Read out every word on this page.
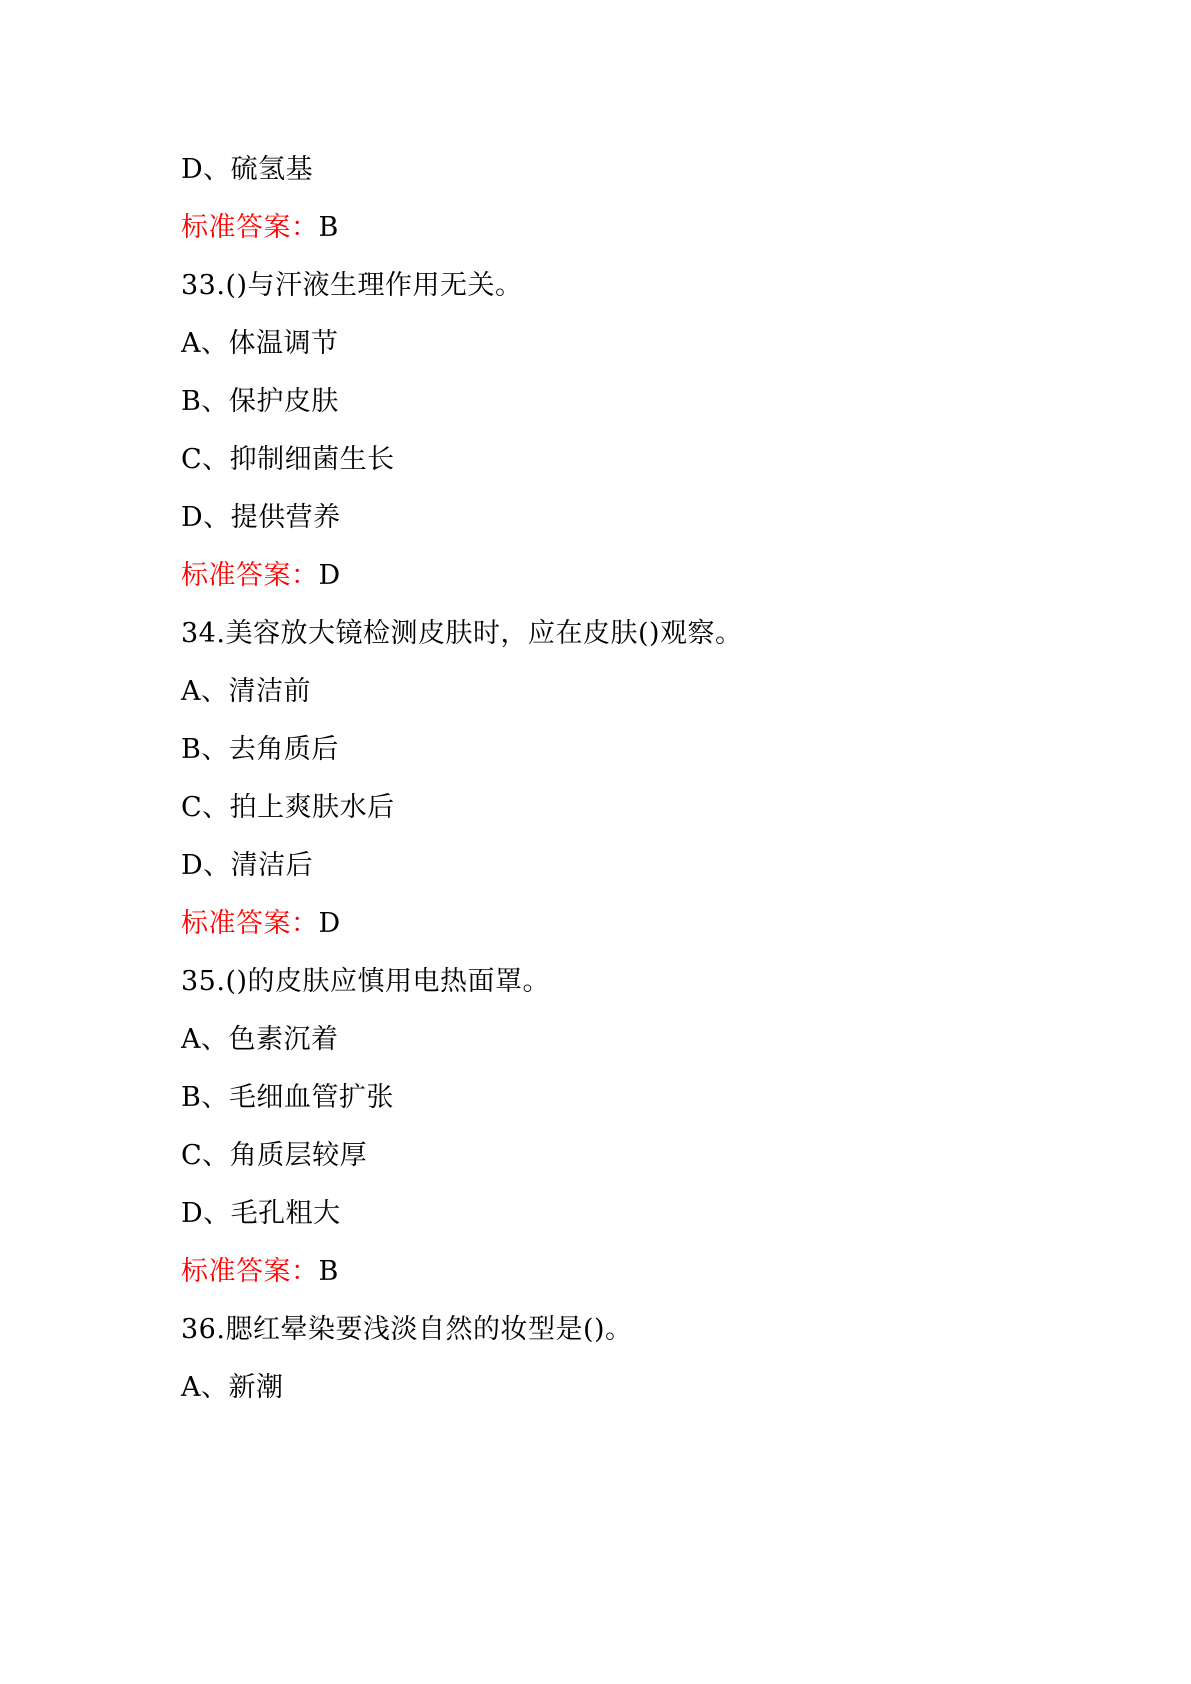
D、硫氢基
标准答案：B
33.()与汗液生理作用无关。
A、体温调节
B、保护皮肤
C、抑制细菌生长
D、提供营养
标准答案：D
34.美容放大镜检测皮肤时，应在皮肤()观察。
A、清洁前
B、去角质后
C、拍上爽肤水后
D、清洁后
标准答案：D
35.()的皮肤应慎用电热面罩。
A、色素沉着
B、毛细血管扩张
C、角质层较厚
D、毛孔粗大
标准答案：B
36.腮红晕染要浅淡自然的妆型是()。
A、新潮
